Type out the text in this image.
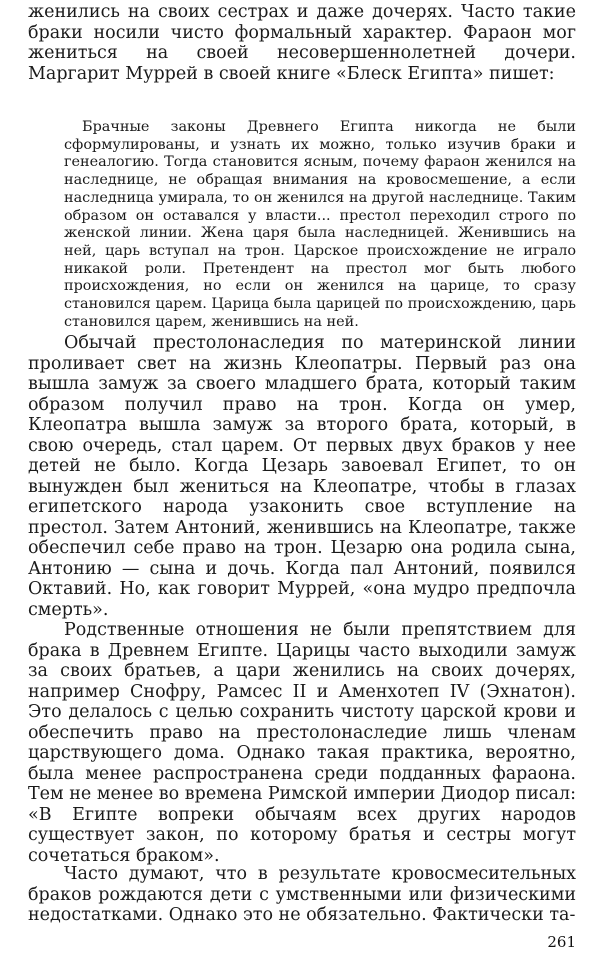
женились на своих сестрах и даже дочерях. Часто такие браки носили чисто формальный характер. Фараон мог жениться на своей несовершеннолетней дочери. Маргарит Муррей в своей книге «Блеск Египта» пишет:

Брачные законы Древнего Египта никогда не были сформулированы, и узнать их можно, только изучив браки и генеалогию. Тогда становится ясным, почему фараон женился на наследнице, не обращая внимания на кровосмешение, а если наследница умирала, то он женился на другой наследнице. Таким образом он оставался у власти... престол переходил строго по женской линии. Жена царя была наследницей. Женившись на ней, царь вступал на трон. Царское происхождение не играло никакой роли. Претендент на престол мог быть любого происхождения, но если он женился на царице, то сразу становился царем. Царица была царицей по происхождению, царь становился царем, женившись на ней.

Обычай престолонаследия по материнской линии проливает свет на жизнь Клеопатры. Первый раз она вышла замуж за своего младшего брата, который таким образом получил право на трон. Когда он умер, Клеопатра вышла замуж за второго брата, который, в свою очередь, стал царем. От первых двух браков у нее детей не было. Когда Цезарь завоевал Египет, то он вынужден был жениться на Клеопатре, чтобы в глазах египетского народа узаконить свое вступление на престол. Затем Антоний, женившись на Клеопатре, также обеспечил себе право на трон. Цезарю она родила сына, Антонию — сына и дочь. Когда пал Антоний, появился Октавий. Но, как говорит Муррей, «она мудро предпочла смерть».

Родственные отношения не были препятствием для брака в Древнем Египте. Царицы часто выходили замуж за своих братьев, а цари женились на своих дочерях, например Снофру, Рамсес II и Аменхотеп IV (Эхнатон). Это делалось с целью сохранить чистоту царской крови и обеспечить право на престолонаследие лишь членам царствующего дома. Однако такая практика, вероятно, была менее распространена среди подданных фараона. Тем не менее во времена Римской империи Диодор писал: «В Египте вопреки обычаям всех других народов существует закон, по которому братья и сестры могут сочетаться браком».

Часто думают, что в результате кровосмесительных браков рождаются дети с умственными или физическими недостатками. Однако это не обязательно. Фактически та-

261
